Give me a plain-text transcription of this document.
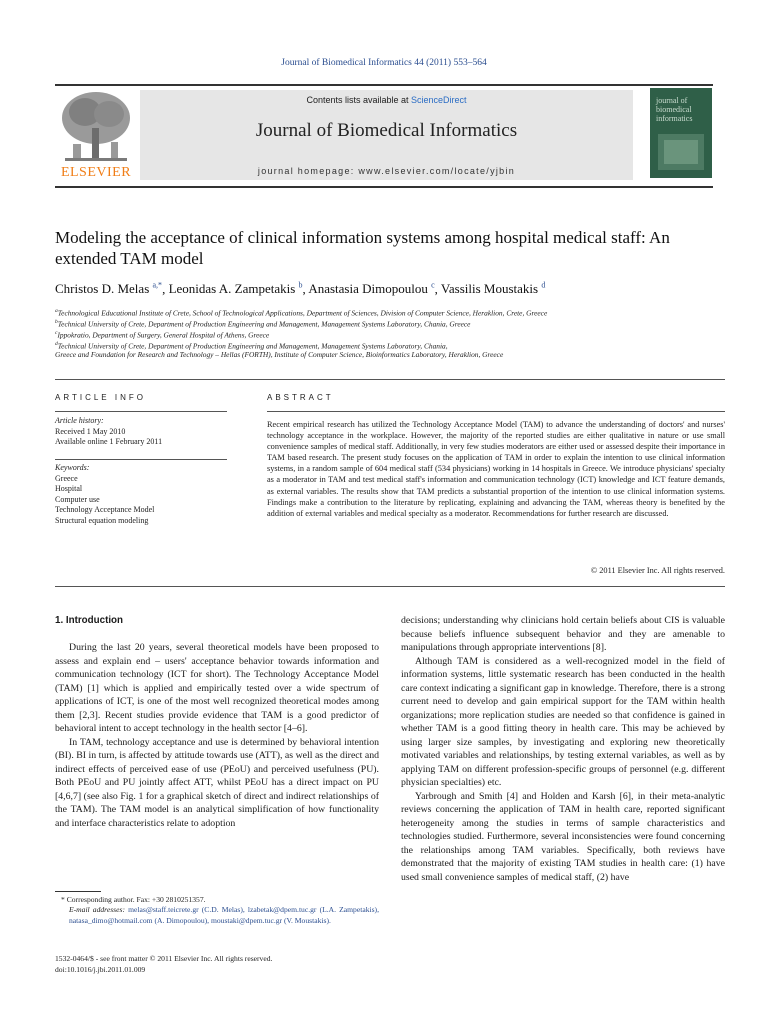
Journal of Biomedical Informatics 44 (2011) 553–564
ELSEVIER
Contents lists available at ScienceDirect
Journal of Biomedical Informatics
journal homepage: www.elsevier.com/locate/yjbin
journal of biomedical informatics
Modeling the acceptance of clinical information systems among hospital medical staff: An extended TAM model
Christos D. Melas $^{a,*}$, Leonidas A. Zampetakis $^b$, Anastasia Dimopoulou $^c$, Vassilis Moustakis $^d$
$^a$Technological Educational Institute of Crete, School of Technological Applications, Department of Sciences, Division of Computer Science, Heraklion, Crete, Greece
$^b$Technical University of Crete, Department of Production Engineering and Management, Management Systems Laboratory, Chania, Greece
$^c$Ippokratio, Department of Surgery, General Hospital of Athens, Greece
$^d$Technical University of Crete, Department of Production Engineering and Management, Management Systems Laboratory, Chania,
Greece and Foundation for Research and Technology – Hellas (FORTH), Institute of Computer Science, Bioinformatics Laboratory, Heraklion, Greece
ARTICLE INFO
Article history:
Received 1 May 2010
Available online 1 February 2011
Keywords:
Greece
Hospital
Computer use
Technology Acceptance Model
Structural equation modeling
ABSTRACT
Recent empirical research has utilized the Technology Acceptance Model (TAM) to advance the understanding of doctors' and nurses' technology acceptance in the workplace. However, the majority of the reported studies are either qualitative in nature or use small convenience samples of medical staff. Additionally, in very few studies moderators are either used or assessed despite their importance in TAM based research. The present study focuses on the application of TAM in order to explain the intention to use clinical information systems, in a random sample of 604 medical staff (534 physicians) working in 14 hospitals in Greece. We introduce physicians' specialty as a moderator in TAM and test medical staff's information and communication technology (ICT) knowledge and ICT feature demands, as external variables. The results show that TAM predicts a substantial proportion of the intention to use clinical information systems. Findings make a contribution to the literature by replicating, explaining and advancing the TAM, whereas theory is benefited by the addition of external variables and medical specialty as a moderator. Recommendations for further research are discussed.
© 2011 Elsevier Inc. All rights reserved.
1. Introduction

During the last 20 years, several theoretical models have been proposed to assess and explain end – users' acceptance behavior towards information and communication technology (ICT for short). The Technology Acceptance Model (TAM) [1] which is applied and empirically tested over a wide spectrum of applications of ICT, is one of the most well recognized theoretical modes among them [2,3]. Recent studies provide evidence that TAM is a good predictor of behavioral intent to accept technology in the health sector [4–6].

In TAM, technology acceptance and use is determined by behavioral intention (BI). BI in turn, is affected by attitude towards use (ATT), as well as the direct and indirect effects of perceived ease of use (PEoU) and perceived usefulness (PU). Both PEoU and PU jointly affect ATT, whilst PEoU has a direct impact on PU [4,6,7] (see also Fig. 1 for a graphical sketch of direct and indirect relationships of the TAM). The TAM model is an analytical simplification of how functionality and interface characteristics relate to adoption

decisions; understanding why clinicians hold certain beliefs about CIS is valuable because beliefs influence subsequent behavior and they are amenable to manipulations through appropriate interventions [8].

Although TAM is considered as a well-recognized model in the field of information systems, little systematic research has been conducted in the health care context indicating a significant gap in knowledge. Therefore, there is a strong current need to develop and gain empirical support for the TAM within health organizations; more replication studies are needed so that confidence is gained in whether TAM is a good fitting theory in health care. This may be achieved by using larger size samples, by investigating and exploring new theoretically motivated variables and relationships, by testing external variables, as well as by applying TAM on different profession-specific groups of personnel (e.g. different physician specialties) etc.

Yarbrough and Smith [4] and Holden and Karsh [6], in their meta-analytic reviews concerning the application of TAM in health care, reported significant heterogeneity among the studies in terms of sample characteristics and technologies studied. Furthermore, several inconsistencies were found concerning the relationships among TAM variables. Specifically, both reviews have demonstrated that the majority of existing TAM studies in health care: (1) have used small convenience samples of medical staff, (2) have

* Corresponding author. Fax: +30 2810251357.
E-mail addresses: melas@staff.teicrete.gr (C.D. Melas), lzabetak@dpem.tuc.gr (L.A. Zampetakis), natasa_dimo@hotmail.com (A. Dimopoulou), moustaki@dpem.tuc.gr (V. Moustakis).
1532-0464/$ - see front matter © 2011 Elsevier Inc. All rights reserved.
doi:10.1016/j.jbi.2011.01.009
